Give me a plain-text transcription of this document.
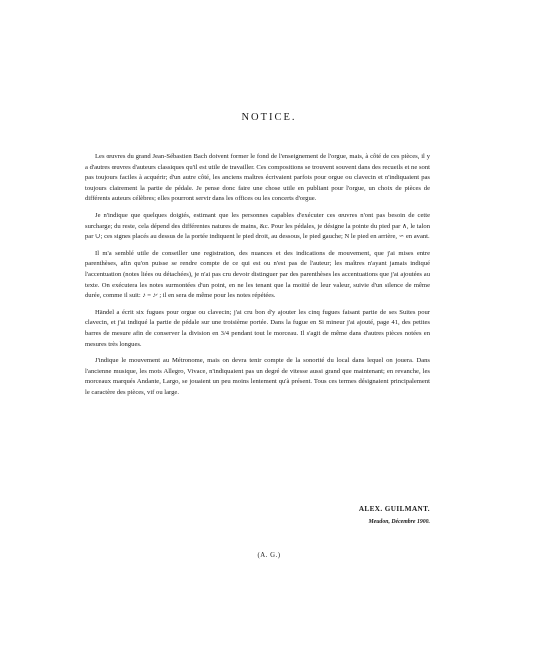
NOTICE.

Les œuvres du grand Jean-Sébastien Bach doivent former le fond de l'enseignement de l'orgue, mais, à côté de ces pièces, il y a d'autres œuvres d'auteurs classiques qu'il est utile de travailler. Ces compositions se trouvent souvent dans des recueils et ne sont pas toujours faciles à acquérir; d'un autre côté, les anciens maîtres écrivaient parfois pour orgue ou clavecin et n'indiquaient pas toujours clairement la partie de pédale. Je pense donc faire une chose utile en publiant pour l'orgue, un choix de pièces de différents auteurs célèbres; elles pourront servir dans les offices ou les concerts d'orgue.

Je n'indique que quelques doigtés, estimant que les personnes capables d'exécuter ces œuvres n'ont pas besoin de cette surcharge; du reste, cela dépend des différentes natures de mains, &c. Pour les pédales, je désigne la pointe du pied par ∧, le talon par ∪; ces signes placés au dessus de la portée indiquent le pied droit, au dessous, le pied gauche; N le pied en arrière, ∽ en avant.

Il m'a semblé utile de conseiller une registration, des nuances et des indications de mouvement, que j'ai mises entre parenthèses, afin qu'on puisse se rendre compte de ce qui est ou n'est pas de l'auteur; les maîtres n'ayant jamais indiqué l'accentuation (notes liées ou détachées), je n'ai pas cru devoir distinguer par des parenthèses les accentuations que j'ai ajoutées au texte. On exécutera les notes surmontées d'un point, en ne les tenant que la moitié de leur valeur, suivie d'un silence de même durée, comme il suit: ♪ = ♪𝄾 ; il en sera de même pour les notes répétées.

Händel a écrit six fugues pour orgue ou clavecin; j'ai cru bon d'y ajouter les cinq fugues faisant partie de ses Suites pour clavecin, et j'ai indiqué la partie de pédale sur une troisième portée. Dans la fugue en Si mineur j'ai ajouté, page 41, des petites barres de mesure afin de conserver la division en 3/4 pendant tout le morceau. Il s'agit de même dans d'autres pièces notées en mesures très longues.

J'indique le mouvement au Métronome, mais on devra tenir compte de la sonorité du local dans lequel on jouera. Dans l'ancienne musique, les mots Allegro, Vivace, n'indiquaient pas un degré de vitesse aussi grand que maintenant; en revanche, les morceaux marqués Andante, Largo, se jouaient un peu moins lentement qu'à présent. Tous ces termes désignaient principalement le caractère des pièces, vif ou large.

ALEX. GUILMANT.
Meudon, Décembre 1900.
(A. G.)
